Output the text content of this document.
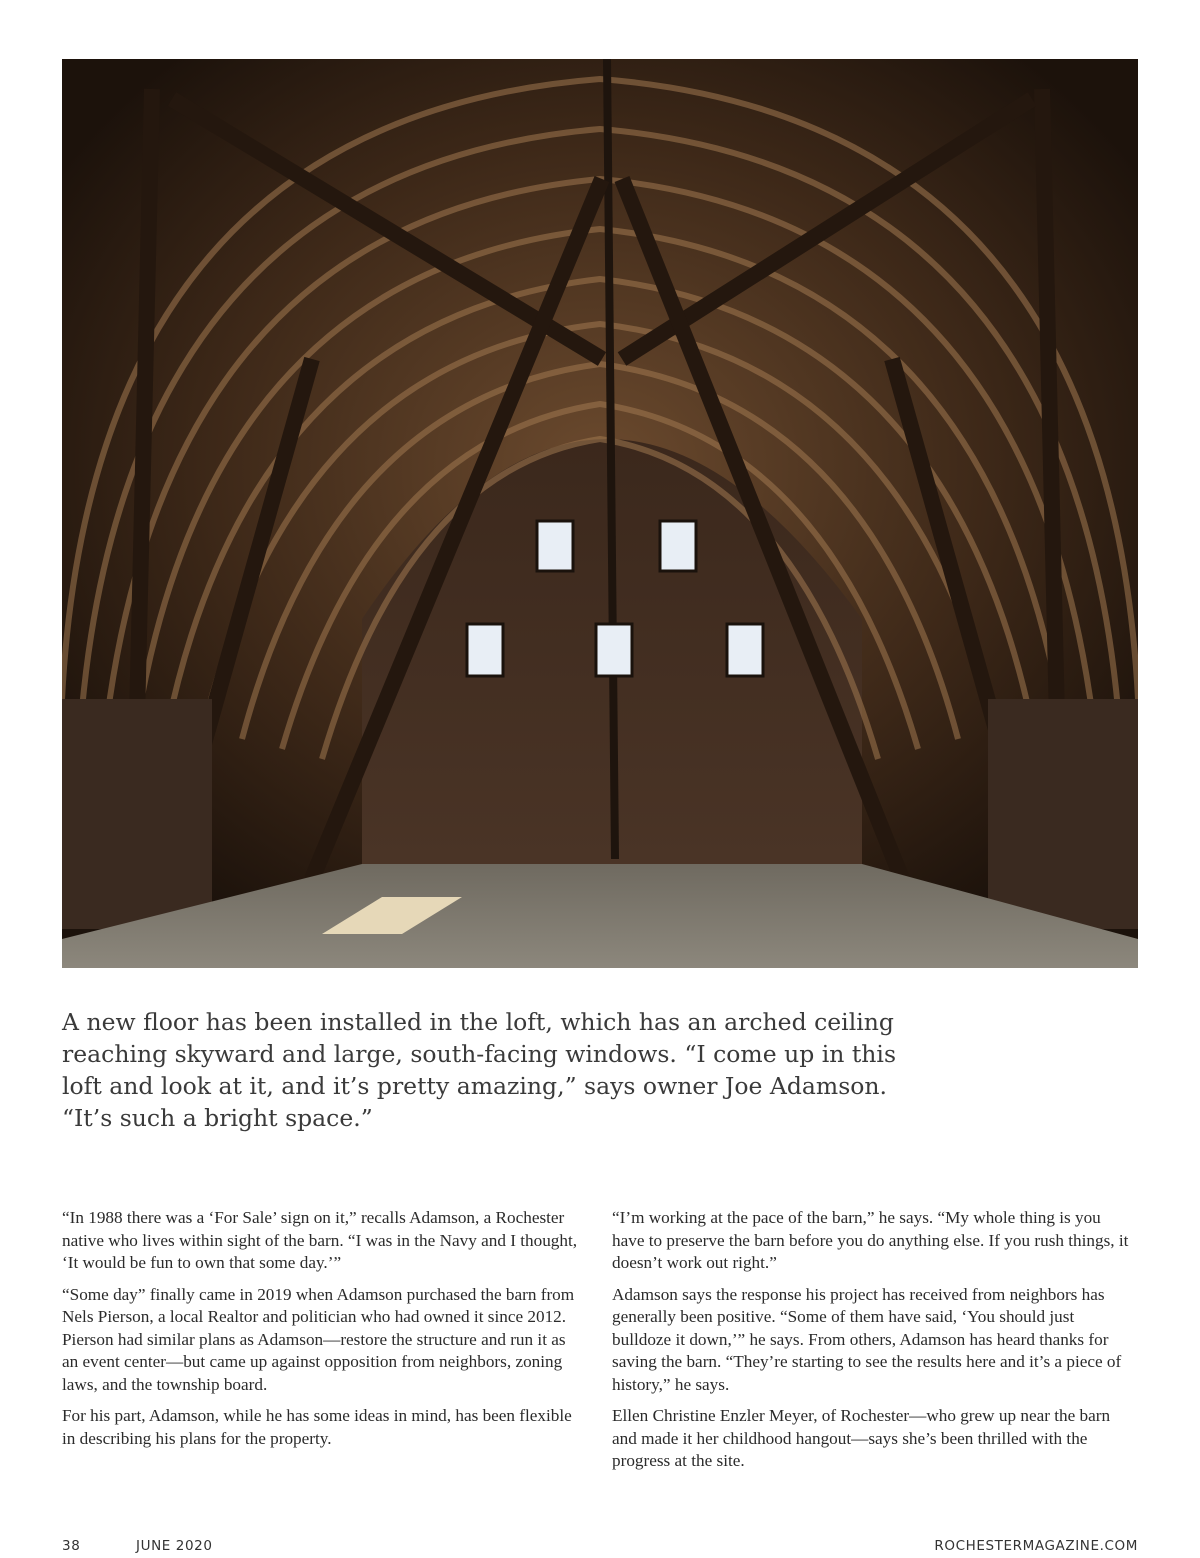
A new floor has been installed in the loft, which has an arched ceiling reaching skyward and large, south-facing windows. “I come up in this loft and look at it, and it’s pretty amazing,” says owner Joe Adamson. “It’s such a bright space.”

“In 1988 there was a ‘For Sale’ sign on it,” recalls Adamson, a Rochester native who lives within sight of the barn. “I was in the Navy and I thought, ‘It would be fun to own that some day.’”

“Some day” finally came in 2019 when Adamson purchased the barn from Nels Pierson, a local Realtor and politician who had owned it since 2012. Pierson had similar plans as Adamson—restore the structure and run it as an event center—but came up against opposition from neighbors, zoning laws, and the township board.

For his part, Adamson, while he has some ideas in mind, has been flexible in describing his plans for the property.

“I’m working at the pace of the barn,” he says. “My whole thing is you have to preserve the barn before you do anything else. If you rush things, it doesn’t work out right.”

Adamson says the response his project has received from neighbors has generally been positive. “Some of them have said, ‘You should just bulldoze it down,’” he says. From others, Adamson has heard thanks for saving the barn. “They’re starting to see the results here and it’s a piece of history,” he says.

Ellen Christine Enzler Meyer, of Rochester—who grew up near the barn and made it her childhood hangout—says she’s been thrilled with the progress at the site.

38	JUNE 2020	ROCHESTERMAGAZINE.COM
